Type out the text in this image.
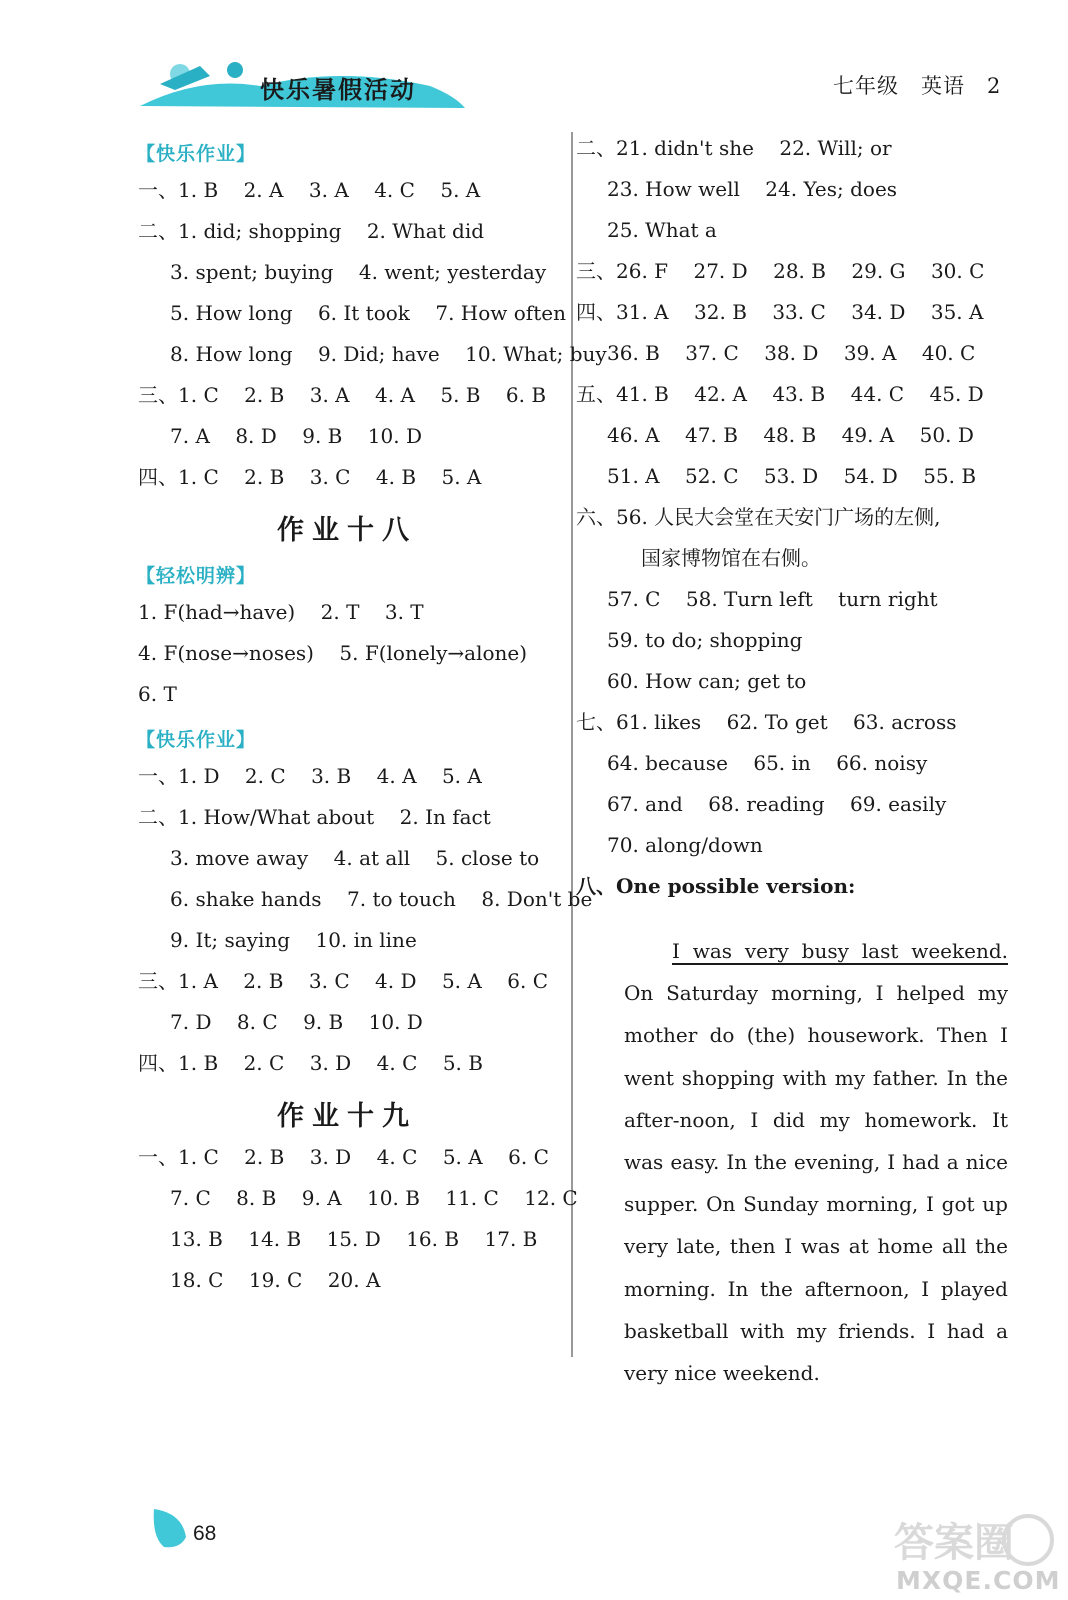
快乐暑假活动	七年级 英语 2
【快乐作业】
一、1. B    2. A    3. A    4. C    5. A
二、1. did; shopping    2. What did
3. spent; buying    4. went; yesterday
5. How long    6. It took    7. How often
8. How long    9. Did; have    10. What; buy
三、1. C    2. B    3. A    4. A    5. B    6. B
7. A    8. D    9. B    10. D
四、1. C    2. B    3. C    4. B    5. A
作业十八
【轻松明辨】
1. F(had→have)    2. T    3. T
4. F(nose→noses)    5. F(lonely→alone)
6. T
【快乐作业】
一、1. D    2. C    3. B    4. A    5. A
二、1. How/What about    2. In fact
3. move away    4. at all    5. close to
6. shake hands    7. to touch    8. Don't be
9. It; saying    10. in line
三、1. A    2. B    3. C    4. D    5. A    6. C
7. D    8. C    9. B    10. D
四、1. B    2. C    3. D    4. C    5. B
作业十九
一、1. C    2. B    3. D    4. C    5. A    6. C
7. C    8. B    9. A    10. B    11. C    12. C
13. B    14. B    15. D    16. B    17. B
18. C    19. C    20. A
二、21. didn't she    22. Will; or
23. How well    24. Yes; does
25. What a
三、26. F    27. D    28. B    29. G    30. C
四、31. A    32. B    33. C    34. D    35. A
36. B    37. C    38. D    39. A    40. C
五、41. B    42. A    43. B    44. C    45. D
46. A    47. B    48. B    49. A    50. D
51. A    52. C    53. D    54. D    55. B
六、56. 人民大会堂在天安门广场的左侧,
国家博物馆在右侧。
57. C    58. Turn left    turn right
59. to do; shopping
60. How can; get to
七、61. likes    62. To get    63. across
64. because    65. in    66. noisy
67. and    68. reading    69. easily
70. along/down
八、One possible version:
I was very busy last weekend. On Saturday morning, I helped my mother do (the) housework. Then I went shopping with my father. In the after-noon, I did my homework. It was easy. In the evening, I had a nice supper. On Sunday morning, I got up very late, then I was at home all the morning. In the afternoon, I played basketball with my friends. I had a very nice weekend.
68	答案圈
MXQE.COM
